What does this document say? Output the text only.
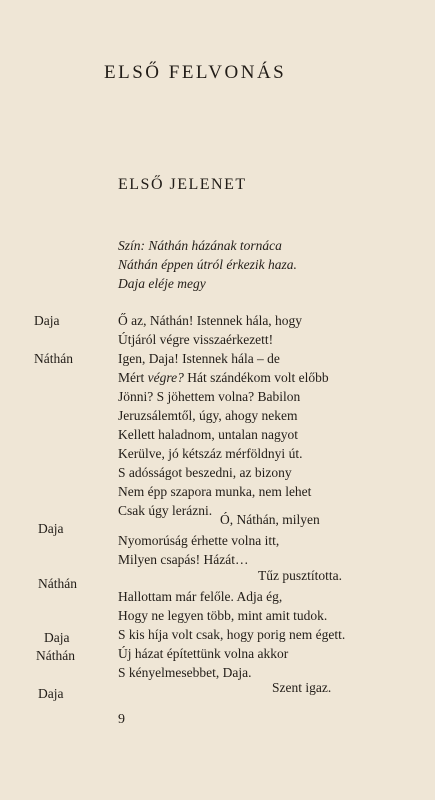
ELSŐ FELVONÁS
ELSŐ JELENET
Szín: Náthán házának tornáca
Náthán éppen útról érkezik haza.
Daja eléje megy
Daja
Náthán
Daja
Náthán
Daja
Náthán
Daja
Ő az, Náthán! Istennek hála, hogy
Útjáról végre visszaérkezett!
Igen, Daja! Istennek hála – de
Mért végre? Hát szándékom volt előbb
Jönni? S jöhettem volna? Babilon
Jeruzsálemtől, úgy, ahogy nekem
Kellett haladnom, untalan nagyot
Kerülve, jó kétszáz mérföldnyi út.
S adósságot beszedni, az bizony
Nem épp szapora munka, nem lehet
Csak úgy lerázni.
Ó, Náthán, milyen
Nyomorúság érhette volna itt,
Milyen csapás! Házát…
Tűz pusztította.
Hallottam már felőle. Adja ég,
Hogy ne legyen több, mint amit tudok.
S kis híja volt csak, hogy porig nem égett.
Új házat építettünk volna akkor
S kényelmesebbet, Daja.
Szent igaz.
9
